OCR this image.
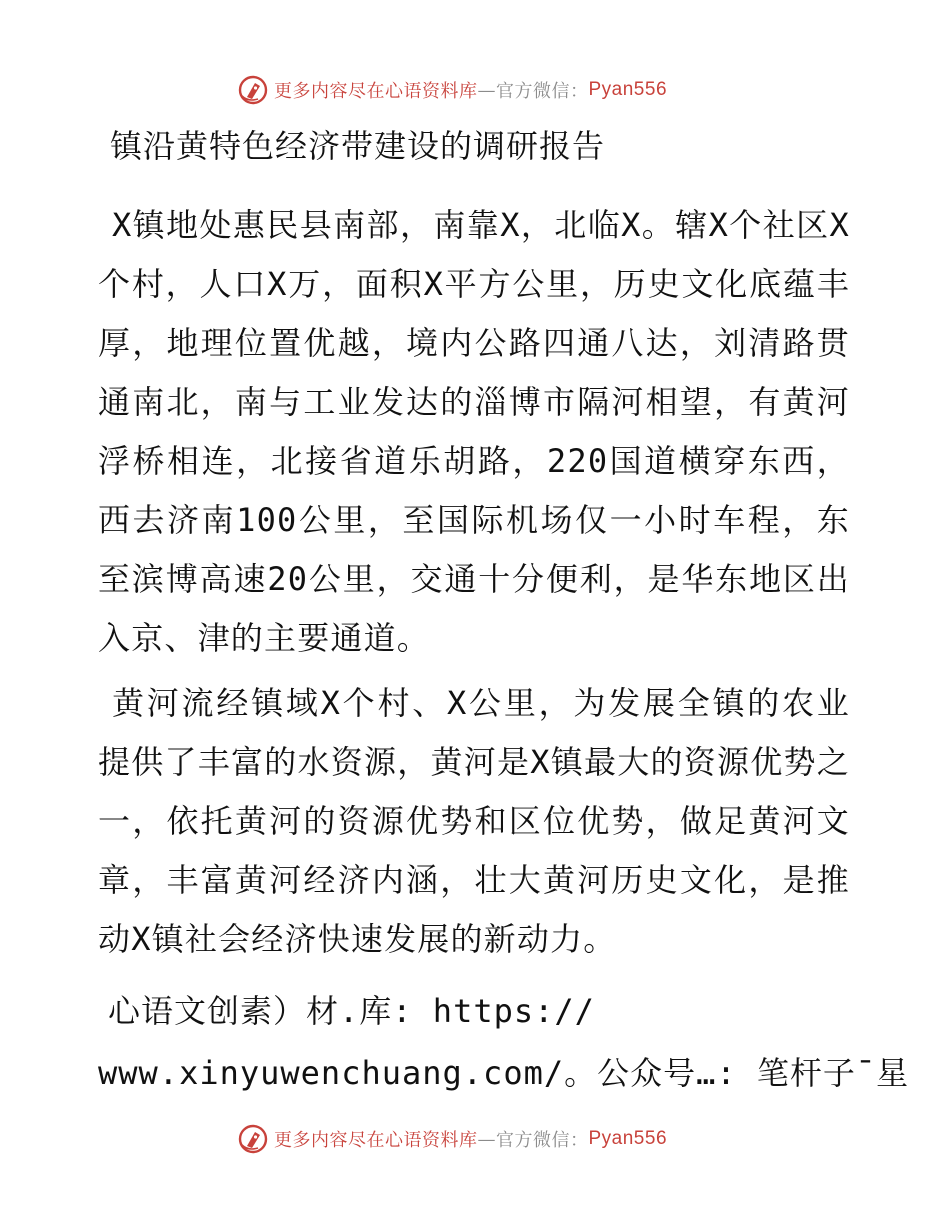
更多内容尽在心语资料库 — 官方微信： Pyan556
镇沿黄特色经济带建设的调研报告
X镇地处惠民县南部，南靠X，北临X。辖X个社区X个村，人口X万，面积X平方公里，历史文化底蕴丰厚，地理位置优越，境内公路四通八达，刘清路贯通南北，南与工业发达的淄博市隔河相望，有黄河浮桥相连，北接省道乐胡路，220国道横穿东西，西去济南100公里，至国际机场仅一小时车程，东至滨博高速20公里，交通十分便利，是华东地区出入京、津的主要通道。
黄河流经镇域X个村、X公里，为发展全镇的农业提供了丰富的水资源，黄河是X镇最大的资源优势之一，依托黄河的资源优势和区位优势，做足黄河文章，丰富黄河经济内涵，壮大黄河历史文化，是推动X镇社会经济快速发展的新动力。
心语文创素）材.库: https://
www.xinyuwenchuang.com/。公众号…: 笔杆子¯星
更多内容尽在心语资料库 — 官方微信： Pyan556
